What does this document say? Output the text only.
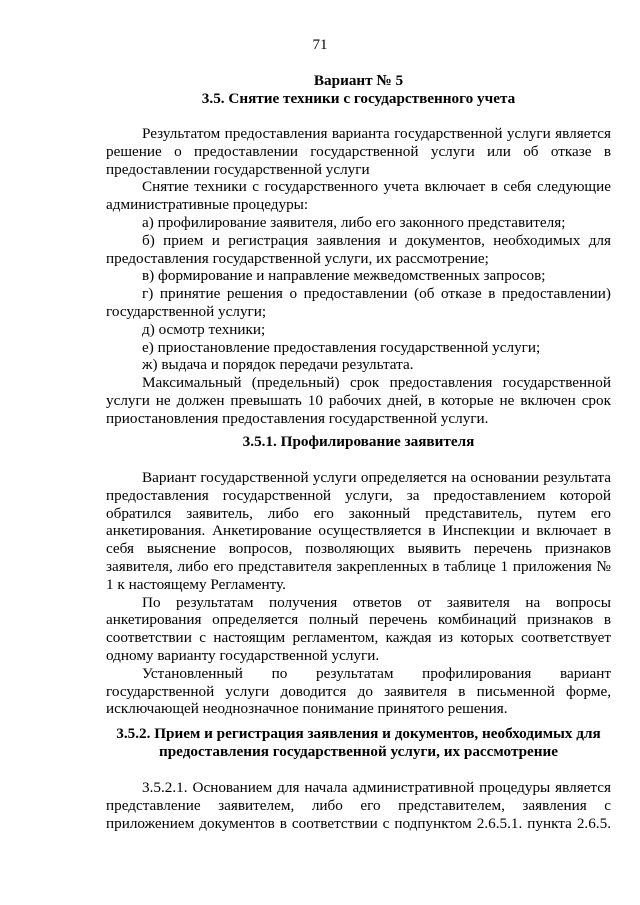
71
Вариант № 5
3.5. Снятие техники с государственного учета

Результатом предоставления варианта государственной услуги является решение о предоставлении государственной услуги или об отказе в предоставлении государственной услуги

Снятие техники с государственного учета включает в себя следующие административные процедуры:

а) профилирование заявителя, либо его законного представителя;

б) прием и регистрация заявления и документов, необходимых для предоставления государственной услуги, их рассмотрение;

в) формирование и направление межведомственных запросов;

г) принятие решения о предоставлении (об отказе в предоставлении) государственной услуги;

д) осмотр техники;

е) приостановление предоставления государственной услуги;

ж) выдача и порядок передачи результата.

Максимальный (предельный) срок предоставления государственной услуги не должен превышать 10 рабочих дней, в которые не включен срок приостановления предоставления государственной услуги.

3.5.1. Профилирование заявителя

Вариант государственной услуги определяется на основании результата предоставления государственной услуги, за предоставлением которой обратился заявитель, либо его законный представитель, путем его анкетирования. Анкетирование осуществляется в Инспекции и включает в себя выяснение вопросов, позволяющих выявить перечень признаков заявителя, либо его представителя закрепленных в таблице 1 приложения № 1 к настоящему Регламенту.

По результатам получения ответов от заявителя на вопросы анкетирования определяется полный перечень комбинаций признаков в соответствии с настоящим регламентом, каждая из которых соответствует одному варианту государственной услуги.

Установленный по результатам профилирования вариант государственной услуги доводится до заявителя в письменной форме, исключающей неоднозначное понимание принятого решения.

3.5.2. Прием и регистрация заявления и документов, необходимых для предоставления государственной услуги, их рассмотрение

3.5.2.1. Основанием для начала административной процедуры является представление заявителем, либо его представителем, заявления с приложением документов в соответствии с подпунктом 2.6.5.1. пункта 2.6.5.
